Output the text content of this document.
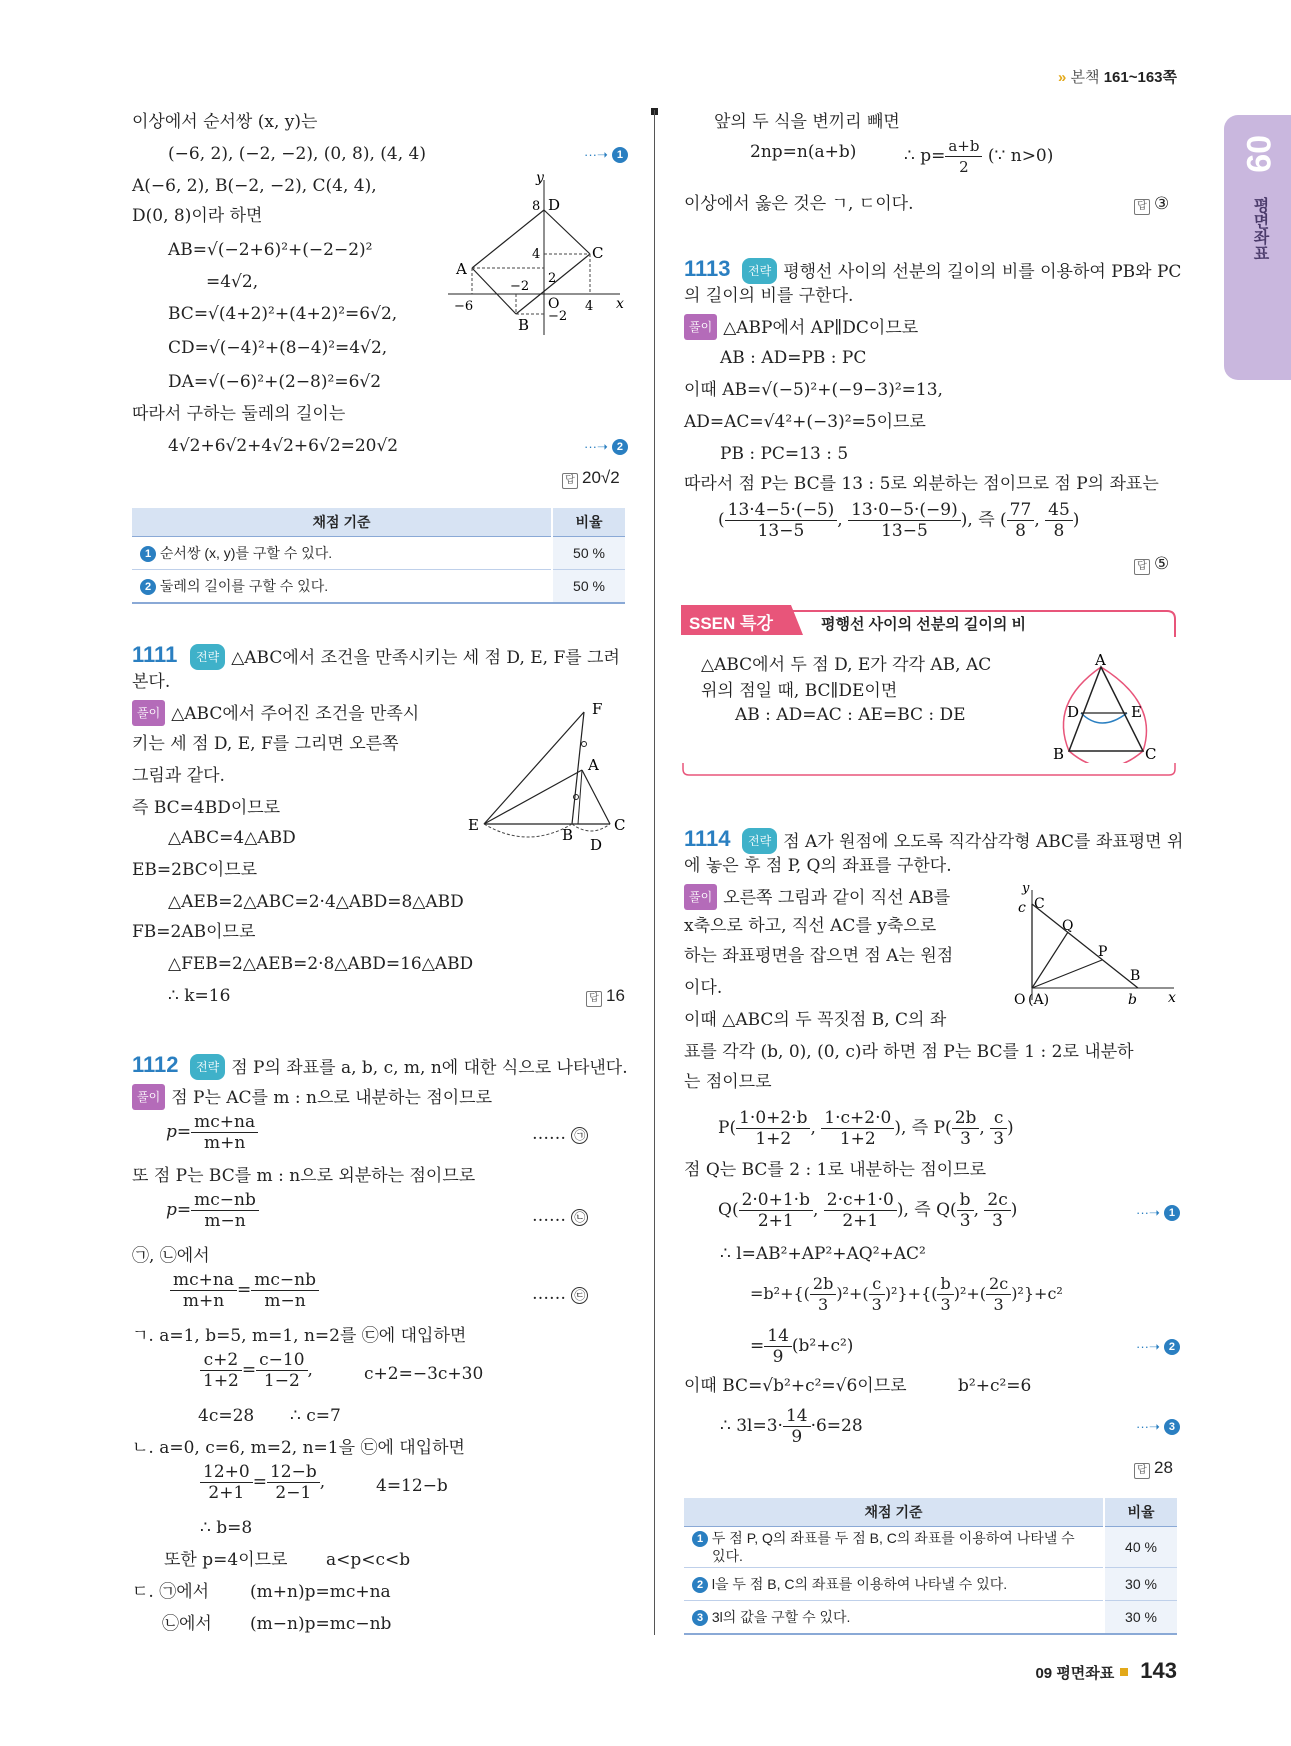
» 본책 161~163쪽
09
평면좌표
이상에서 순서쌍 (x, y)는
(−6, 2), (−2, −2), (0, 8), (4, 4)	···➝ 1
A(−6, 2), B(−2, −2), C(4, 4),
D(0, 8)이라 하면
AB=√(−2+6)²+(−2−2)²
=4√2,
BC=√(4+2)²+(4+2)²=6√2,
CD=√(−4)²+(8−4)²=4√2,
DA=√(−6)²+(2−8)²=6√2
따라서 구하는 둘레의 길이는
4√2+6√2+4√2+6√2=20√2	···➝ 2
답 20√2
y
x
D
C
A
B
O
8
4
2
−2
−6	4
−2
채점 기준	비율
1 순서쌍 (x, y)를 구할 수 있다.	50 %
2 둘레의 길이를 구할 수 있다.	50 %
1111	전략 △ABC에서 조건을 만족시키는 세 점 D, E, F를 그려
본다.
풀이 △ABC에서 주어진 조건을 만족시
키는 세 점 D, E, F를 그리면 오른쪽
그림과 같다.
즉 BC=4BD이므로
△ABC=4△ABD
EB=2BC이므로
△AEB=2△ABC=2·4△ABD=8△ABD
FB=2AB이므로
△FEB=2△AEB=2·8△ABD=16△ABD
∴ k=16	답 16
F
A
E
B
C
D
1112	전략 점 P의 좌표를 a, b, c, m, n에 대한 식으로 나타낸다.
풀이 점 P는 AC를 m : n으로 내분하는 점이므로
$p= \frac{mc+na}{m+n}$	…… ㉠
또 점 P는 BC를 m : n으로 외분하는 점이므로
$p= \frac{mc-nb}{m-n}$	…… ㉡
㉠, ㉡에서
$\frac{mc+na}{m+n} = \frac{mc-nb}{m-n}$	…… ㉢
ㄱ. a=1, b=5, m=1, n=2를 ㉢에 대입하면
$\frac{c+2}{1+2} = \frac{c-10}{1-2}$ ,	c+2=−3c+30
4c=28 ∴ c=7
ㄴ. a=0, c=6, m=2, n=1을 ㉢에 대입하면
$\frac{12+0}{2+1} = \frac{12-b}{2-1}$ ,	4=12−b
∴ b=8
또한 p=4이므로 a<p<c<b
ㄷ. ㉠에서 (m+n)p=mc+na
㉡에서 (m−n)p=mc−nb
앞의 두 식을 변끼리 빼면
2np=n(a+b)	∴ $p= \frac{a+b}{2}$ (∵ n>0)
이상에서 옳은 것은 ㄱ, ㄷ이다.	답 ③
1113	전략 평행선 사이의 선분의 길이의 비를 이용하여 PB와 PC
의 길이의 비를 구한다.
풀이 △ABP에서 AP∥DC이므로
AB : AD=PB : PC
이때 AB=√(−5)²+(−9−3)²=13,
AD=AC=√4²+(−3)²=5이므로
PB : PC=13 : 5
따라서 점 P는 BC를 13 : 5로 외분하는 점이므로 점 P의 좌표는
( $\frac{13\cdot 4-5\cdot(-5)}{13-5}$ , $\frac{13\cdot 0-5\cdot(-9)}{13-5}$ ), 즉 ( $\frac{77}{8}$ , $\frac{45}{8}$ )
답 ⑤
SSEN 특강	평행선 사이의 선분의 길이의 비
△ABC에서 두 점 D, E가 각각 AB, AC
위의 점일 때, BC∥DE이면
AB : AD=AC : AE=BC : DE
A
D	E
B	C
1114	전략 점 A가 원점에 오도록 직각삼각형 ABC를 좌표평면 위
에 놓은 후 점 P, Q의 좌표를 구한다.
풀이 오른쪽 그림과 같이 직선 AB를
x축으로 하고, 직선 AC를 y축으로
하는 좌표평면을 잡으면 점 A는 원점
이다.
이때 △ABC의 두 꼭짓점 B, C의 좌
표를 각각 (b, 0), (0, c)라 하면 점 P는 BC를 1 : 2로 내분하
는 점이므로
y
c C
Q
P
B
O (A)	b x
$P( \frac{1\cdot 0+2\cdot b}{1+2}$ , $\frac{1\cdot c+2\cdot 0}{1+2}$ ), 즉 $P( \frac{2b}{3}$ , $\frac{c}{3}$ )
점 Q는 BC를 2 : 1로 내분하는 점이므로
$Q( \frac{2\cdot 0+1\cdot b}{2+1}$ , $\frac{2\cdot c+1\cdot 0}{2+1}$ ), 즉 $Q( \frac{b}{3}$ , $\frac{2c}{3}$ )	···➝ 1
∴ l=AB²+AP²+AQ²+AC²
$=b^2+\{( \frac{2b}{3} )^2+( \frac{c}{3} )^2\}+\{( \frac{b}{3} )^2+( \frac{2c}{3} )^2\}+c^2$
= $\frac{14}{9} (b^2+c^2)$	···➝ 2
이때 BC=√b²+c²=√6이므로	b²+c²=6
∴ $3l=3\cdot \frac{14}{9} \cdot 6=28$	···➝ 3
답 28
채점 기준	비율
1 두 점 P, Q의 좌표를 두 점 B, C의 좌표를 이용하여 나타낼 수
있다.	40 %
2 l을 두 점 B, C의 좌표를 이용하여 나타낼 수 있다.	30 %
3 3l의 값을 구할 수 있다.	30 %
09 평면좌표 143
